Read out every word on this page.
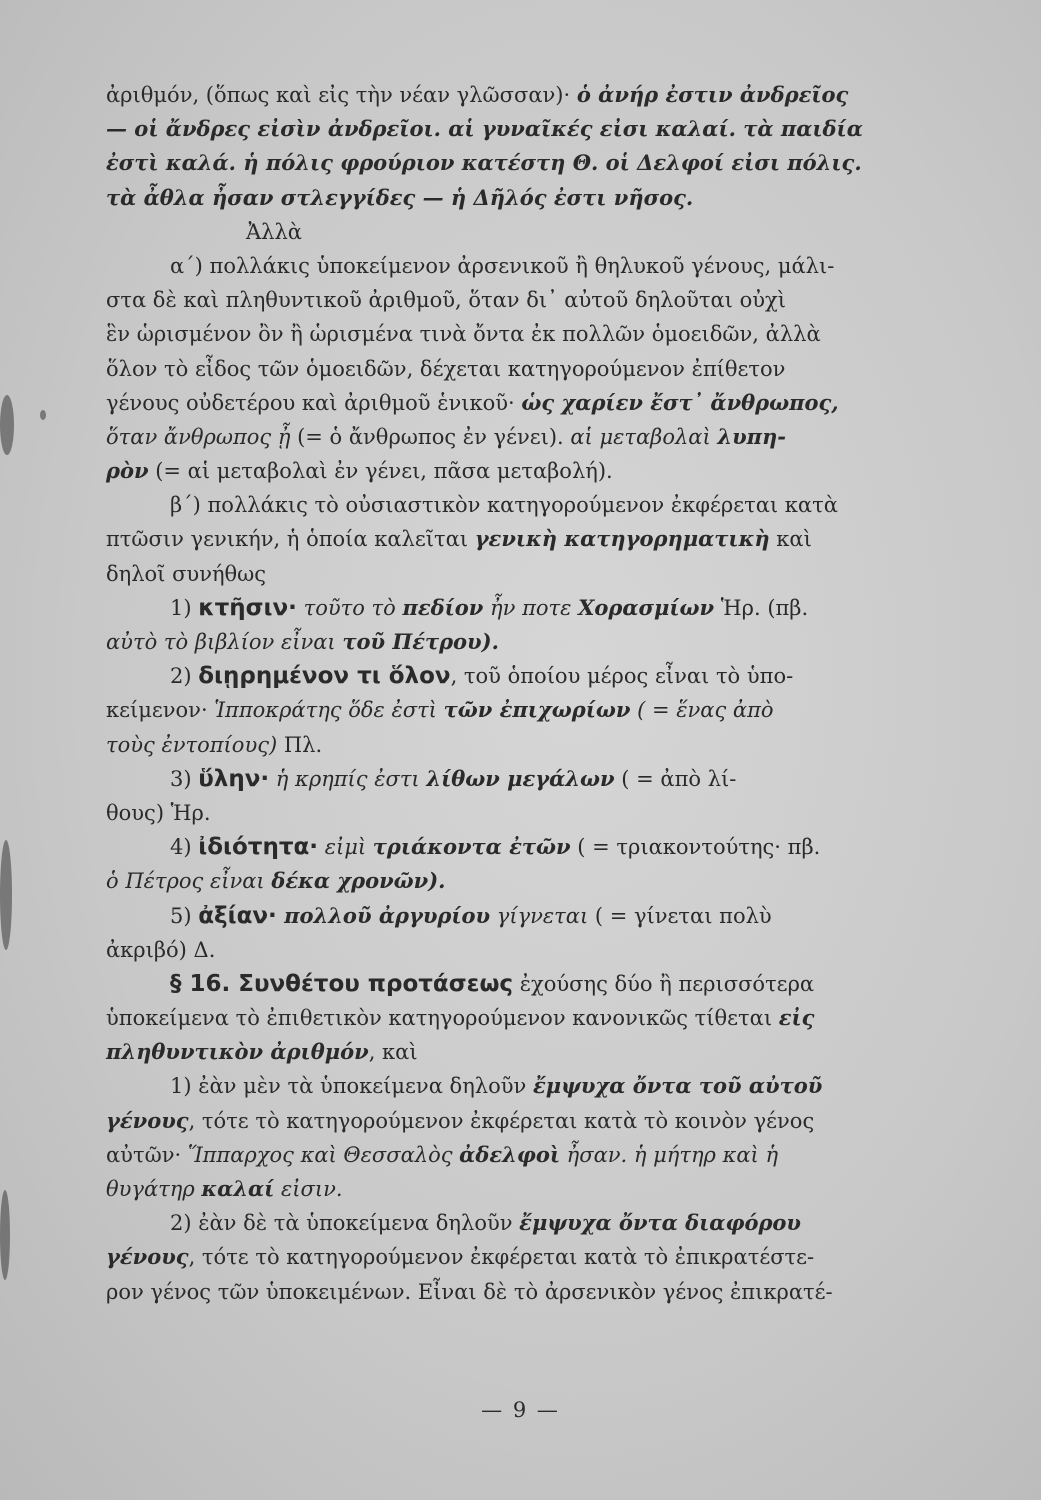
ἀριθμόν, (ὅπως καὶ εἰς τὴν νέαν γλῶσσαν)· ὁ ἀνήρ ἐστιν ἀνδρεῖος
— οἱ ἄνδρες εἰσὶν ἀνδρεῖοι. αἱ γυναῖκές εἰσι καλαί. τὰ παιδία
ἐστὶ καλά. ἡ πόλις φρούριον κατέστη Θ. οἱ Δελφοί εἰσι πόλις.
τὰ ἆθλα ἦσαν στλεγγίδες — ἡ Δῆλός ἐστι νῆσος.
Ἀλλὰ
α΄) πολλάκις ὑποκείμενον ἀρσενικοῦ ἢ θηλυκοῦ γένους, μάλι-
στα δὲ καὶ πληθυντικοῦ ἀριθμοῦ, ὅταν δι᾽ αὐτοῦ δηλοῦται οὐχὶ
ἓν ὡρισμένον ὂν ἢ ὡρισμένα τινὰ ὄντα ἐκ πολλῶν ὁμοειδῶν, ἀλλὰ
ὅλον τὸ εἶδος τῶν ὁμοειδῶν, δέχεται κατηγορούμενον ἐπίθετον
γένους οὐδετέρου καὶ ἀριθμοῦ ἑνικοῦ· ὡς χαρίεν ἔστ᾽ ἄνθρωπος,
ὅταν ἄνθρωπος ᾖ (= ὁ ἄνθρωπος ἐν γένει). αἱ μεταβολαὶ λυπη-
ρὸν (= αἱ μεταβολαὶ ἐν γένει, πᾶσα μεταβολή).
β΄) πολλάκις τὸ οὐσιαστικὸν κατηγορούμενον ἐκφέρεται κατὰ
πτῶσιν γενικήν, ἡ ὁποία καλεῖται γενικὴ κατηγορηματικὴ καὶ
δηλοῖ συνήθως
1) κτῆσιν· τοῦτο τὸ πεδίον ἦν ποτε Χορασμίων Ἡρ. (πβ.
αὐτὸ τὸ βιβλίον εἶναι τοῦ Πέτρου).
2) διῃρημένον τι ὅλον, τοῦ ὁποίου μέρος εἶναι τὸ ὑπο-
κείμενον· Ἱπποκράτης ὅδε ἐστὶ τῶν ἐπιχωρίων ( = ἕνας ἀπὸ
τοὺς ἐντοπίους) Πλ.
3) ὕλην· ἡ κρηπίς ἐστι λίθων μεγάλων ( = ἀπὸ λί-
θους) Ἡρ.
4) ἰδιότητα· εἰμὶ τριάκοντα ἐτῶν ( = τριακοντούτης· πβ.
ὁ Πέτρος εἶναι δέκα χρονῶν).
5) ἀξίαν· πολλοῦ ἀργυρίου γίγνεται ( = γίνεται πολὺ
ἀκριβό) Δ.
§ 16. Συνθέτου προτάσεως ἐχούσης δύο ἢ περισσότερα
ὑποκείμενα τὸ ἐπιθετικὸν κατηγορούμενον κανονικῶς τίθεται εἰς
πληθυντικὸν ἀριθμόν, καὶ
1) ἐὰν μὲν τὰ ὑποκείμενα δηλοῦν ἔμψυχα ὄντα τοῦ αὐτοῦ
γένους, τότε τὸ κατηγορούμενον ἐκφέρεται κατὰ τὸ κοινὸν γένος
αὐτῶν· Ἵππαρχος καὶ Θεσσαλὸς ἀδελφοὶ ἦσαν. ἡ μήτηρ καὶ ἡ
θυγάτηρ καλαί εἰσιν.
2) ἐὰν δὲ τὰ ὑποκείμενα δηλοῦν ἔμψυχα ὄντα διαφόρου
γένους, τότε τὸ κατηγορούμενον ἐκφέρεται κατὰ τὸ ἐπικρατέστε-
ρον γένος τῶν ὑποκειμένων. Εἶναι δὲ τὸ ἀρσενικὸν γένος ἐπικρατέ-
— 9 —
